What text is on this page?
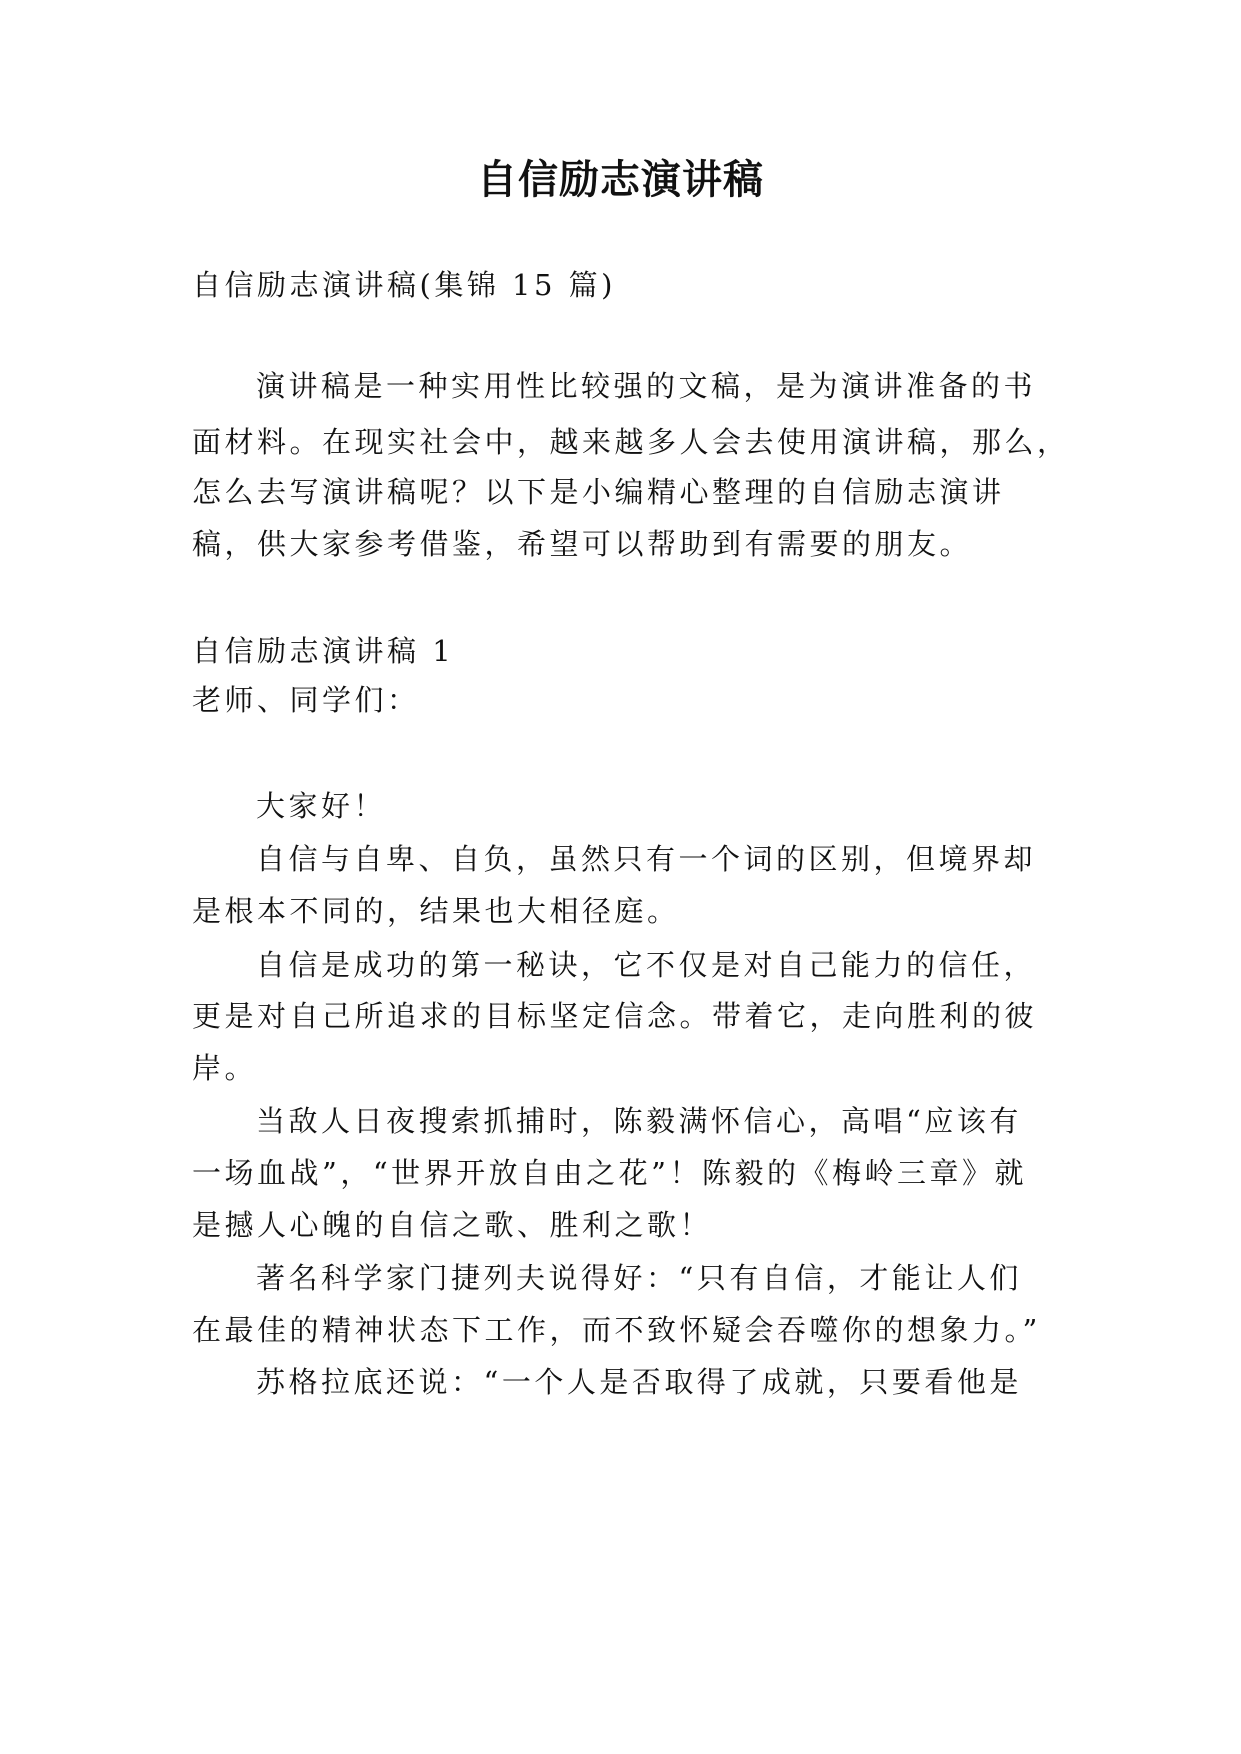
自信励志演讲稿
自信励志演讲稿(集锦 15 篇)
演讲稿是一种实用性比较强的文稿，是为演讲准备的书
面材料。在现实社会中，越来越多人会去使用演讲稿，那么，
怎么去写演讲稿呢？以下是小编精心整理的自信励志演讲
稿，供大家参考借鉴，希望可以帮助到有需要的朋友。
自信励志演讲稿 1
老师、同学们：
大家好！
自信与自卑、自负，虽然只有一个词的区别，但境界却
是根本不同的，结果也大相径庭。
自信是成功的第一秘诀，它不仅是对自己能力的信任，
更是对自己所追求的目标坚定信念。带着它，走向胜利的彼
岸。
当敌人日夜搜索抓捕时，陈毅满怀信心，高唱“应该有
一场血战”，“世界开放自由之花”！陈毅的《梅岭三章》就
是撼人心魄的自信之歌、胜利之歌！
著名科学家门捷列夫说得好：“只有自信，才能让人们
在最佳的精神状态下工作，而不致怀疑会吞噬你的想象力。”
苏格拉底还说：“一个人是否取得了成就，只要看他是
